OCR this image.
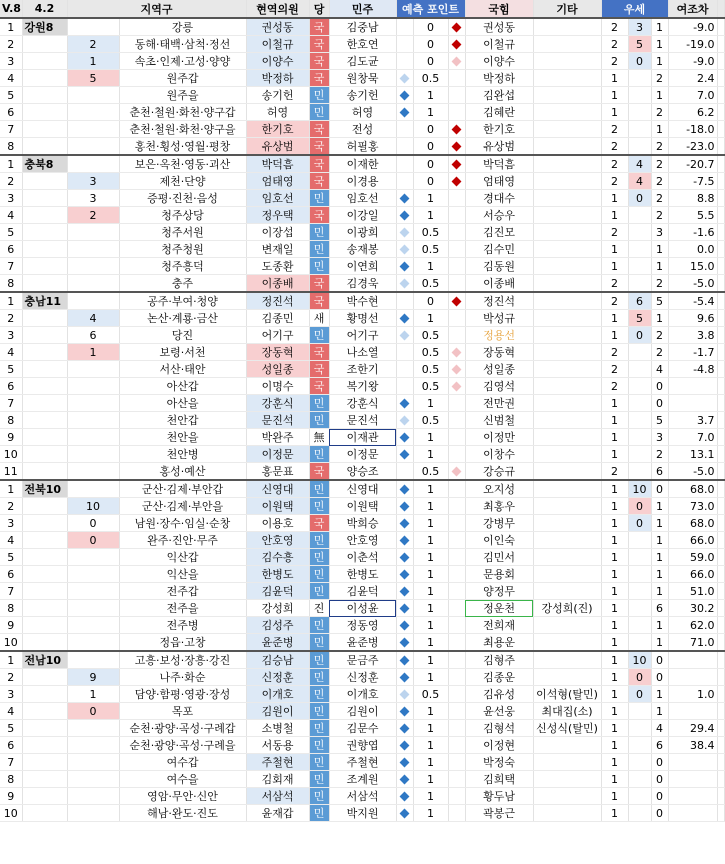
V.8	4.2	지역구		현역의원	당	민주	예측 포인트			국힘	기타	우세			여조차	
1	강원8		강릉	권성동	국	김중남		0		권성동		2	3	1	-9.0	
2		2	동해·태백·삼척·정선	이철규	국	한호연		0		이철규		2	5	1	-19.0	
3		1	속초·인제·고성·양양	이양수	국	김도균		0		이양수		2	0	1	-9.0	
4		5	원주갑	박정하	국	원창묵		0.5		박정하		1		2	2.4	
5			원주을	송기헌	민	송기헌		1		김완섭		1		1	7.0	
6			춘천·철원·화천·양구갑	허영	민	허영		1		김혜란		1		2	6.2	
7			춘천·철원·화천·양구을	한기호	국	전성		0		한기호		2		1	-18.0	
8			홍천·횡성·영월·평창	유상범	국	허필홍		0		유상범		2		2	-23.0	
1	충북8		보은·옥천·영동·괴산	박덕흠	국	이재한		0		박덕흠		2	4	2	-20.7	
2		3	제천·단양	엄태영	국	이경용		0		엄태영		2	4	2	-7.5	
3		3	증평·진천·음성	임호선	민	임호선		1		경대수		1	0	2	8.8	
4		2	청주상당	정우택	국	이강일		1		서승우		1		2	5.5	
5			청주서원	이장섭	민	이광희		0.5		김진모		2		3	-1.6	
6			청주청원	변재일	민	송재봉		0.5		김수민		1		1	0.0	
7			청주흥덕	도종환	민	이연희		1		김동원		1		1	15.0	
8			충주	이종배	국	김경욱		0.5		이종배		2		2	-5.0	
1	충남11		공주·부여·청양	정진석	국	박수현		0		정진석		2	6	5	-5.4	
2		4	논산·계룡·금산	김종민	새	황명선		1		박성규		1	5	1	9.6	
3		6	당진	어기구	민	어기구		0.5		정용선		1	0	2	3.8	
4		1	보령·서천	장동혁	국	나소열		0.5		장동혁		2		2	-1.7	
5			서산·태안	성일종	국	조한기		0.5		성일종		2		4	-4.8	
6			아산갑	이명수	국	복기왕		0.5		김영석		2		0		
7			아산을	강훈식	민	강훈식		1		전만권		1		0		
8			천안갑	문진석	민	문진석		0.5		신범철		1		5	3.7	
9			천안을	박완주	無	이재관		1		이정만		1		3	7.0	
10			천안병	이정문	민	이정문		1		이창수		1		2	13.1	
11			홍성·예산	홍문표	국	양승조		0.5		강승규		2		6	-5.0	
1	전북10		군산·김제·부안갑	신영대	민	신영대		1		오지성		1	10	0	68.0	
2		10	군산·김제·부안을	이원택	민	이원택		1		최홍우		1	0	1	73.0	
3		0	남원·장수·임실·순창	이용호	국	박희승		1		강병무		1	0	1	68.0	
4		0	완주·진안·무주	안호영	민	안호영		1		이인숙		1		1	66.0	
5			익산갑	김수흥	민	이춘석		1		김민서		1		1	59.0	
6			익산을	한병도	민	한병도		1		문용회		1		1	66.0	
7			전주갑	김윤덕	민	김윤덕		1		양정무		1		1	51.0	
8			전주을	강성희	진	이성윤		1		정운천	강성희(진)	1		6	30.2	
9			전주병	김성주	민	정동영		1		전희재		1		1	62.0	
10			정읍·고창	윤준병	민	윤준병		1		최용운		1		1	71.0	
1	전남10		고흥·보성·장흥·강진	김승남	민	문금주		1		김형주		1	10	0		
2		9	나주·화순	신정훈	민	신정훈		1		김종운		1	0	0		
3		1	담양·함평·영광·장성	이개호	민	이개호		0.5		김유성	이석형(탈민)	1	0	1	1.0	
4		0	목포	김원이	민	김원이		1		윤선웅	최대집(소)	1		1		
5			순천·광양·곡성·구례갑	소병철	민	김문수		1		김형석	신성식(탈민)	1		4	29.4	
6			순천·광양·곡성·구례을	서동용	민	권향엽		1		이정현		1		6	38.4	
7			여수갑	주철현	민	주철현		1		박정숙		1		0		
8			여수을	김회재	민	조계원		1		김희택		1		0		
9			영암·무안·신안	서삼석	민	서삼석		1		황두남		1		0		
10			해남·완도·진도	윤재갑	민	박지원		1		곽봉근		1		0		
